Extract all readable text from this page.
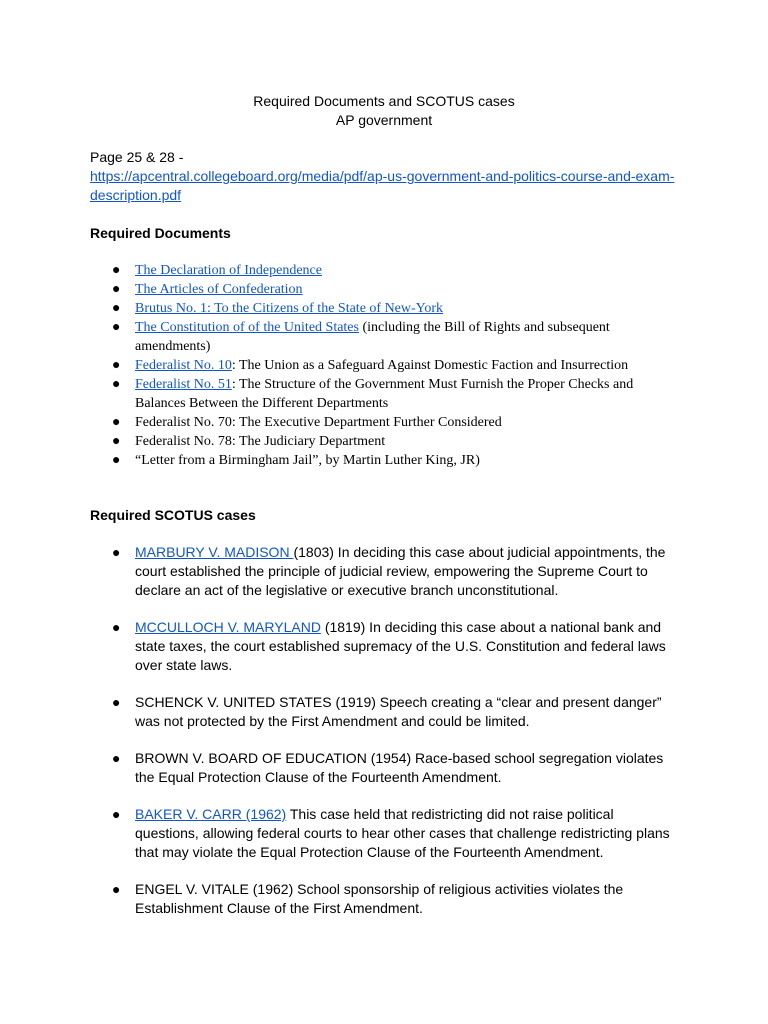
Required Documents and SCOTUS cases
AP government
Page 25 & 28 -
https://apcentral.collegeboard.org/media/pdf/ap-us-government-and-politics-course-and-exam-description.pdf
Required Documents
● The Declaration of Independence
● The Articles of Confederation
● Brutus No. 1: To the Citizens of the State of New-York
● The Constitution of of the United States (including the Bill of Rights and subsequent amendments)
● Federalist No. 10: The Union as a Safeguard Against Domestic Faction and Insurrection
● Federalist No. 51: The Structure of the Government Must Furnish the Proper Checks and Balances Between the Different Departments
● Federalist No. 70: The Executive Department Further Considered
● Federalist No. 78: The Judiciary Department
● “Letter from a Birmingham Jail”, by Martin Luther King, JR)
Required SCOTUS cases
● MARBURY V. MADISON (1803) In deciding this case about judicial appointments, the court established the principle of judicial review, empowering the Supreme Court to declare an act of the legislative or executive branch unconstitutional.
● MCCULLOCH V. MARYLAND (1819) In deciding this case about a national bank and state taxes, the court established supremacy of the U.S. Constitution and federal laws over state laws.
● SCHENCK V. UNITED STATES (1919) Speech creating a “clear and present danger” was not protected by the First Amendment and could be limited.
● BROWN V. BOARD OF EDUCATION (1954) Race-based school segregation violates the Equal Protection Clause of the Fourteenth Amendment.
● BAKER V. CARR (1962) This case held that redistricting did not raise political questions, allowing federal courts to hear other cases that challenge redistricting plans that may violate the Equal Protection Clause of the Fourteenth Amendment.
● ENGEL V. VITALE (1962) School sponsorship of religious activities violates the Establishment Clause of the First Amendment.
